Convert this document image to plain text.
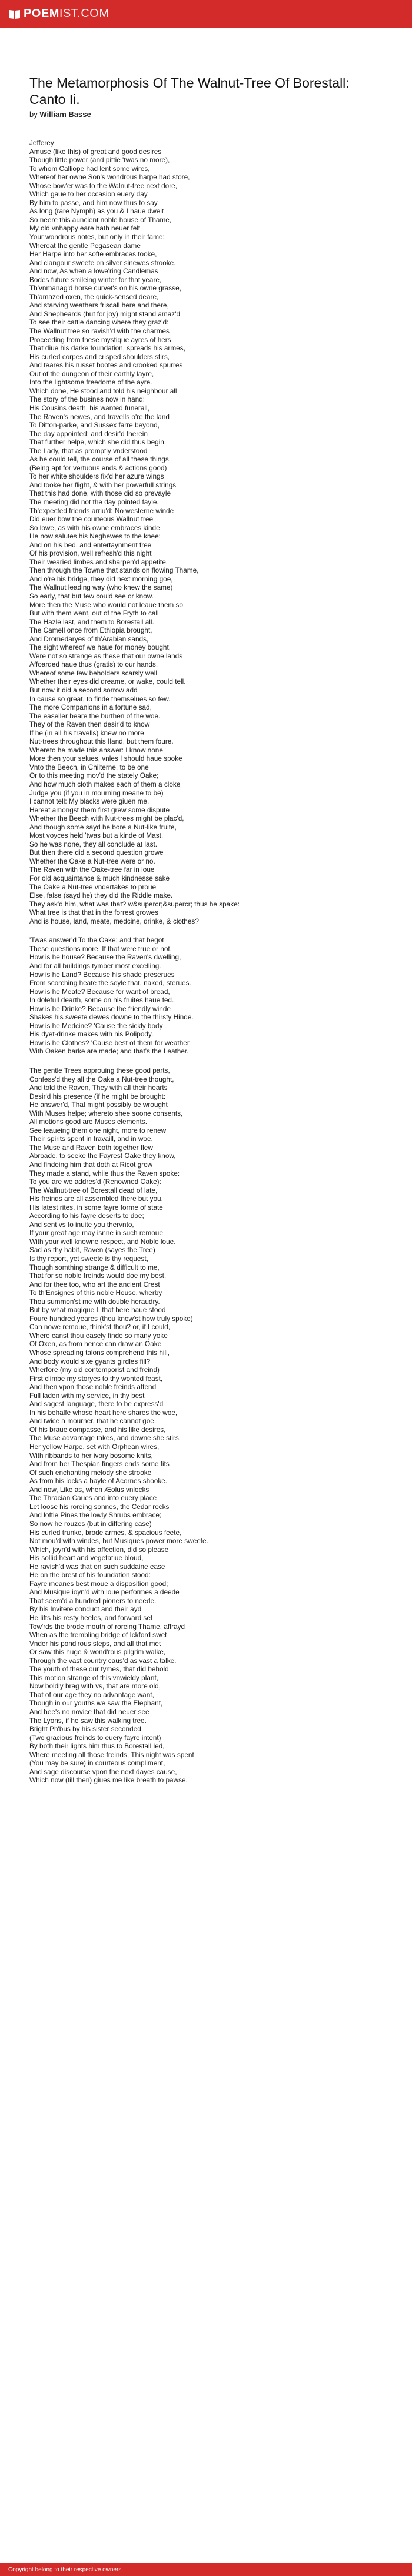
POEM IST.COM
The Metamorphosis Of The Walnut-Tree Of Borestall: Canto Ii.
by William Basse
Jefferey
Amuse (like this) of great and good desires
Though little power (and pittie 'twas no more),
To whom Calliope had lent some wires,
Whereof her owne Son's wondrous harpe had store,
Whose bow'er was to the Walnut-tree next dore,
Which gaue to her occasion euery day
By him to passe, and him now thus to say.
As long (rare Nymph) as you & I haue dwelt
So neere this auncient noble house of Thame,
My old vnhappy eare hath neuer felt
Your wondrous notes, but only in their fame:
Whereat the gentle Pegasean dame
Her Harpe into her softe embraces tooke,
And clangour sweete on silver sinewes strooke.
And now, As when a lowe'ring Candlemas
Bodes future smileing winter for that yeare,
Th'vnmanag'd horse curvet's on his owne grasse,
Th'amazed oxen, the quick-sensed deare,
And starving weathers friscall here and there,
And Shepheards (but for joy) might stand amaz'd
To see their cattle dancing where they graz'd:
The Wallnut tree so ravish'd with the charmes
Proceeding from these mystique ayres of hers
That diue his darke foundation, spreads his armes,
His curled corpes and crisped shoulders stirs,
And teares his russet bootes and crooked spurres
Out of the dungeon of their earthly layre,
Into the lightsome freedome of the ayre.
Which done, He stood and told his neighbour all
The story of the busines now in hand:
His Cousins death, his wanted funerall,
The Raven's newes, and travells o're the land
To Ditton-parke, and Sussex farre beyond,
The day appointed: and desir'd therein
That further helpe, which she did thus begin.
The Lady, that as promptly vnderstood
As he could tell, the course of all these things,
(Being apt for vertuous ends & actions good)
To her white shoulders fix'd her azure wings
And tooke her flight, & with her powerfull strings
That this had done, with those did so prevayle
The meeting did not the day pointed fayle.
Th'expected friends arriu'd: No westerne winde
Did euer bow the courteous Wallnut tree
So lowe, as with his owne embraces kinde
He now salutes his Neghewes to the knee:
And on his bed, and entertaynment free
Of his provision, well refresh'd this night
Their wearied limbes and sharpen'd appetite.
Then through the Towne that stands on flowing Thame,
And o're his bridge, they did next morning goe,
The Wallnut leading way (who knew the same)
So early, that but few could see or know.
More then the Muse who would not leaue them so
But with them went, out of the Fryth to call
The Hazle last, and them to Borestall all.
The Camell once from Ethiopia brought,
And Dromedaryes of th'Arabian sands,
The sight whereof we haue for money bought,
Were not so strange as these that our owne lands
Affoarded haue thus (gratis) to our hands,
Whereof some few beholders scarsly well
Whether their eyes did dreame, or wake, could tell.
But now it did a second sorrow add
In cause so great, to finde themselues so few.
The more Companions in a fortune sad,
The easeller beare the burthen of the woe.
They of the Raven then desir'd to know
If he (in all his travells) knew no more
Nut-trees throughout this Iland, but them foure.
Whereto he made this answer: I know none
More then your selues, vnles I should haue spoke
Vnto the Beech, in Chilterne, to be one
Or to this meeting mov'd the stately Oake;
And how much cloth makes each of them a cloke
Judge you (if you in mourning meane to be)
I cannot tell: My blacks were giuen me.
Hereat amongst them first grew some dispute
Whether the Beech with Nut-trees might be plac'd,
And though some sayd he bore a Nut-like fruite,
Most voyces held 'twas but a kinde of Mast,
So he was none, they all conclude at last.
But then there did a second question growe
Whether the Oake a Nut-tree were or no.
The Raven with the Oake-tree far in loue
For old acquaintance & much kindnesse sake
The Oake a Nut-tree vndertakes to proue
Else, false (sayd he) they did the Riddle make.
They ask'd him, what was that? w&supercr;&supercr; thus he spake:
What tree is that that in the forrest growes
And is house, land, meate, medcine, drinke, & clothes?
'Twas answer'd To the Oake: and that begot
These questions more, If that were true or not.
How is he house? Because the Raven's dwelling,
And for all buildings tymber most excelling.
How is he Land? Because his shade preserues
From scorching heate the soyle that, naked, sterues.
How is he Meate? Because for want of bread,
In dolefull dearth, some on his fruites haue fed.
How is he Drinke? Because the friendly winde
Shakes his sweete dewes downe to the thirsty Hinde.
How is he Medcine? 'Cause the sickly body
His dyet-drinke makes with his Polipody.
How is he Clothes? 'Cause best of them for weather
With Oaken barke are made; and that's the Leather.
The gentle Trees approuing these good parts,
Confess'd they all the Oake a Nut-tree thought,
And told the Raven, They with all their hearts
Desir'd his presence (if he might be brought:
He answer'd, That might possibly be wrought
With Muses helpe; whereto shee soone consents,
All motions good are Muses elements.
See leaueing them one night, more to renew
Their spirits spent in travaill, and in woe,
The Muse and Raven both together flew
Abroade, to seeke the Fayrest Oake they know,
And findeing him that doth at Ricot grow
They made a stand, while thus the Raven spoke:
To you are we addres'd (Renowned Oake):
The Wallnut-tree of Borestall dead of late,
His freinds are all assembled there but you,
His latest rites, in some fayre forme of state
According to his fayre deserts to doe;
And sent vs to inuite you thervnto,
If your great age may isnne in such remoue
With your well knowne respect, and Noble loue.
Sad as thy habit, Raven (sayes the Tree)
Is thy report, yet sweete is thy request,
Though somthing strange & difficult to me,
That for so noble freinds would doe my best,
And for thee too, who art the ancient Crest
To th'Ensignes of this noble House, wherby
Thou summon'st me with double heraudry.
But by what magique I, that here haue stood
Foure hundred yeares (thou know'st how truly spoke)
Can nowe remoue, think'st thou? or, if I could,
Where canst thou easely finde so many yoke
Of Oxen, as from hence can draw an Oake
Whose spreading talons comprehend this hill,
And body would sixe gyants girdles fill?
Wherfore (my old contemporist and freind)
First climbe my storyes to thy wonted feast,
And then vpon those noble freinds attend
Full laden with my service, in thy best
And sagest language, there to be express'd
In his behalfe whose heart here shares the woe,
And twice a mourner, that he cannot goe.
Of his braue compasse, and his like desires,
The Muse advantage takes, and downe she stirs,
Her yellow Harpe, set with Orphean wires,
With ribbands to her ivory bosome knits,
And from her Thespian fingers ends some fits
Of such enchanting melody she strooke
As from his locks a hayle of Acornes shooke.
And now, Like as, when Æolus vnlocks
The Thracian Caues and into euery place
Let loose his roreing sonnes, the Cedar rocks
And loftie Pines the lowly Shrubs embrace;
So now he rouzes (but in differing case)
His curled trunke, brode armes, & spacious feete,
Not mou'd with windes, but Musiques power more sweete.
Which, joyn'd with his affection, did so please
His sollid heart and vegetatiue bloud,
He ravish'd was that on such suddaine ease
He on the brest of his foundation stood:
Fayre meanes best moue a disposition good;
And Musique ioyn'd with loue performes a deede
That seem'd a hundred pioners to neede.
By his Invitere conduct and their ayd
He lifts his resty heeles, and forward set
Tow'rds the brode mouth of roreing Thame, affrayd
When as the trembling bridge of Ickford swet
Vnder his pond'rous steps, and all that met
Or saw this huge & wond'rous pilgrim walke,
Through the vast country caus'd as vast a talke.
The youth of these our tymes, that did behold
This motion strange of this vnwieldy plant,
Now boldly brag with vs, that are more old,
That of our age they no advantage want,
Though in our youths we saw the Elephant,
And hee's no novice that did neuer see
The Lyons, if he saw this walking tree.
Bright Ph'bus by his sister seconded
(Two gracious freinds to euery fayre intent)
By both their lights him thus to Borestall led,
Where meeting all those freinds, This night was spent
(You may be sure) in courteous compliment,
And sage discourse vpon the next dayes cause,
Which now (till then) giues me like breath to pawse.
Copyright belong to their respective owners.
